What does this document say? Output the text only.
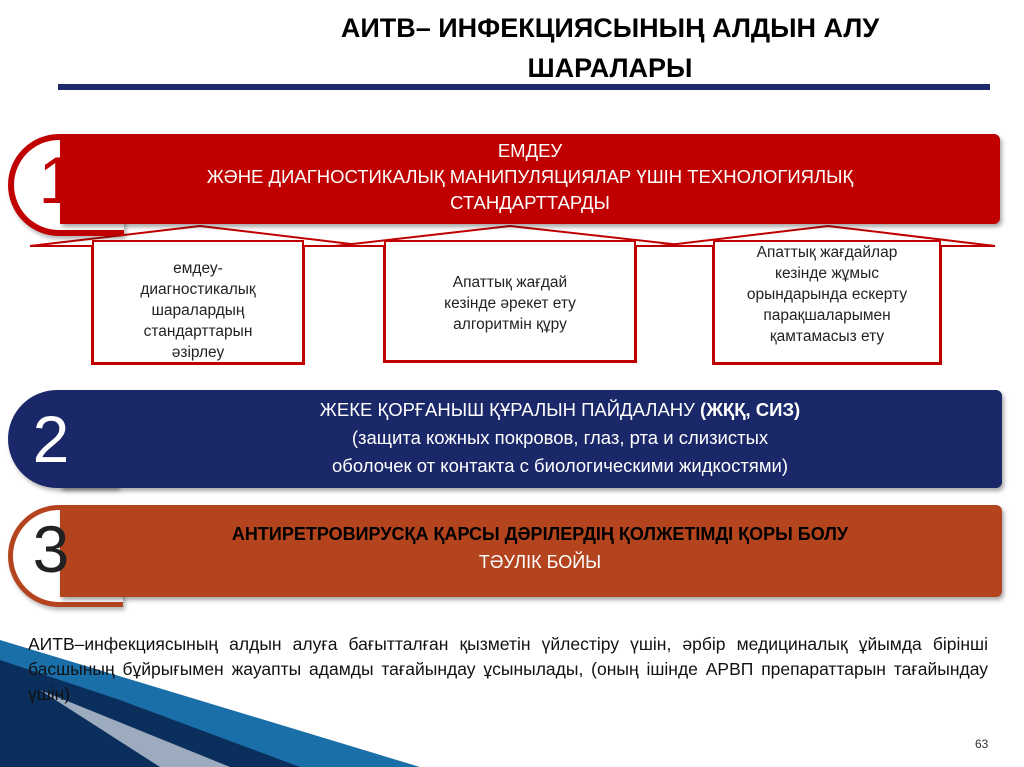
АИТВ– ИНФЕКЦИЯСЫНЫҢ АЛДЫН АЛУ
ШАРАЛАРЫ
1	ЕМДЕУ
ЖӘНЕ ДИАГНОСТИКАЛЫҚ МАНИПУЛЯЦИЯЛАР ҮШІН ТЕХНОЛОГИЯЛЫҚ
СТАНДАРТТАРДЫ
емдеу-
диагностикалық
шаралардың
стандарттарын
әзірлеу
Апаттық жағдай
кезінде әрекет ету
алгоритмін құру
Апаттық жағдайлар
кезінде жұмыс
орындарында ескерту
парақшаларымен
қамтамасыз ету
2	ЖЕКЕ ҚОРҒАНЫШ ҚҰРАЛЫН ПАЙДАЛАНУ (ЖҚҚ, СИЗ)
(защита кожных покровов, глаз, рта и слизистых
оболочек от контакта с биологическими жидкостями)
3	АНТИРЕТРОВИРУСҚА ҚАРСЫ ДӘРІЛЕРДІҢ ҚОЛЖЕТІМДІ ҚОРЫ БОЛУ
ТӘУЛІК БОЙЫ
АИТВ–инфекциясының алдын алуға бағытталған қызметін үйлестіру үшін, әрбір медициналық ұйымда бірінші басшының бұйрығымен жауапты адамды тағайындау ұсынылады, (оның ішінде АРВП препараттарын тағайындау үшін)
63
